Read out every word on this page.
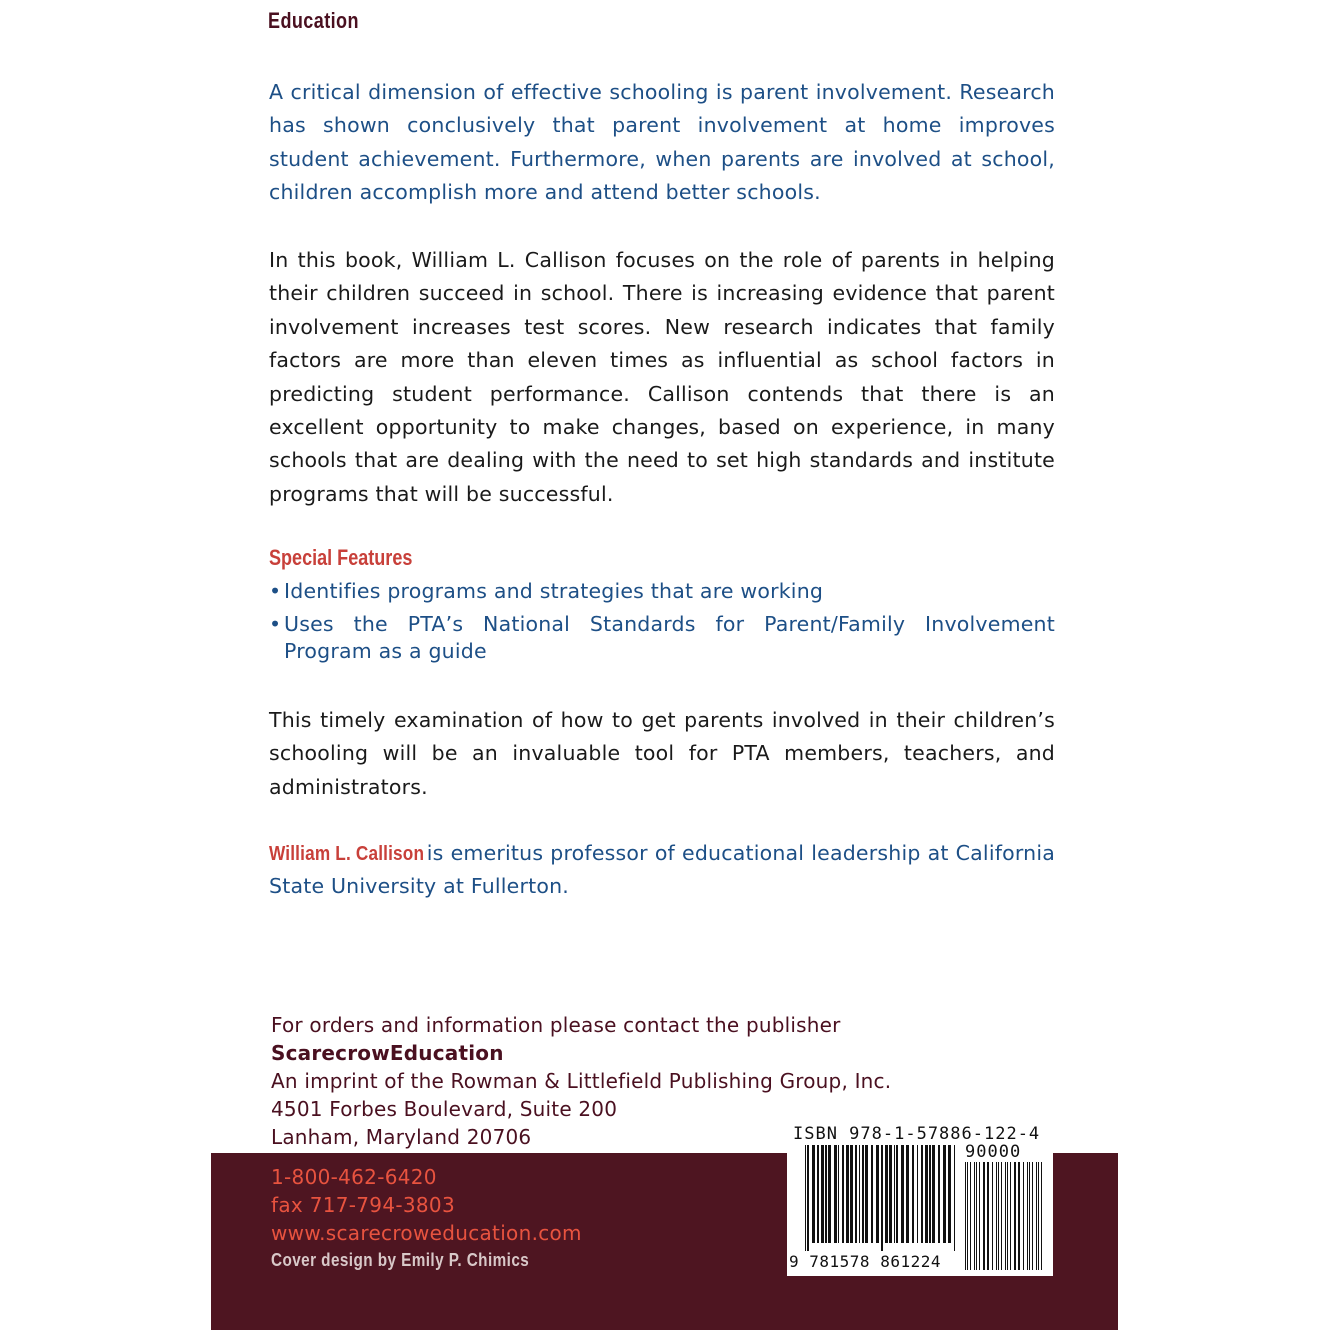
Education

A critical dimension of effective schooling is parent involvement. Research has shown conclusively that parent involvement at home improves student achievement. Furthermore, when parents are involved at school, children accomplish more and attend better schools.

In this book, William L. Callison focuses on the role of parents in helping their children succeed in school. There is increasing evidence that parent involvement increases test scores. New research indicates that family factors are more than eleven times as influential as school factors in predicting student performance. Callison contends that there is an excellent opportunity to make changes, based on experience, in many schools that are dealing with the need to set high standards and institute programs that will be successful.

Special Features
• Identifies programs and strategies that are working
• Uses the PTA’s National Standards for Parent/Family Involvement Program as a guide

This timely examination of how to get parents involved in their children’s schooling will be an invaluable tool for PTA members, teachers, and administrators.

William L. Callison is emeritus professor of educational leadership at California State University at Fullerton.

For orders and information please contact the publisher
ScarecrowEducation
An imprint of the Rowman & Littlefield Publishing Group, Inc.
4501 Forbes Boulevard, Suite 200
Lanham, Maryland 20706
1-800-462-6420
fax 717-794-3803
www.scarecroweducation.com
Cover design by Emily P. Chimics
ISBN 978-1-57886-122-4
90000
9 781578 861224
